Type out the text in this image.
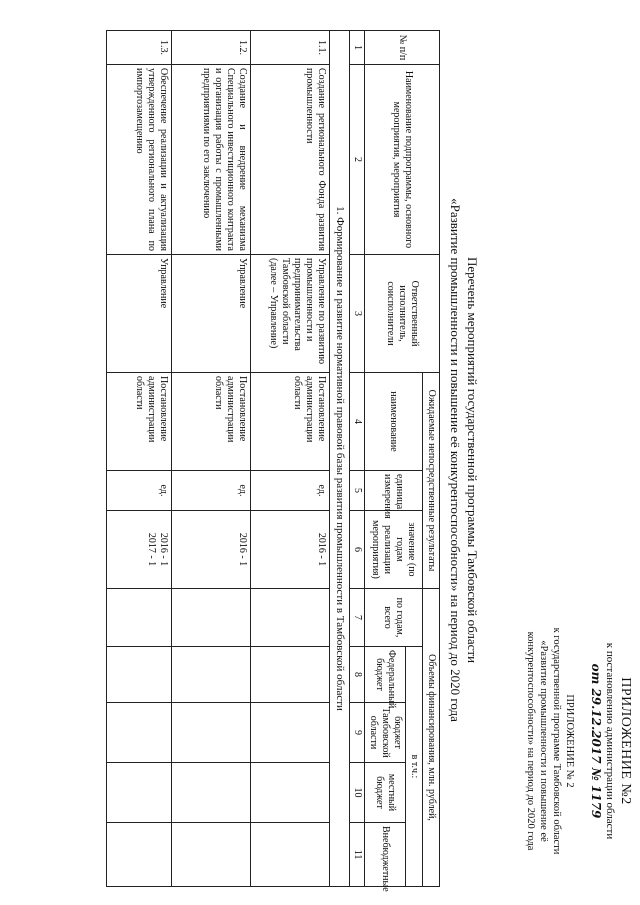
ПРИЛОЖЕНИЕ №2
к постановлению администрации области
от 29.12.2017 № 1179
ПРИЛОЖЕНИЕ № 2
к государственной программе Тамбовской области
«Развитие промышленности и повышение её
конкурентоспособности» на период до 2020 года
Перечень мероприятий государственной программы Тамбовской области
«Развитие промышленности и повышение её конкурентоспособности» на период до 2020 года
№ п/п	Наименование подпрограммы, основного мероприятия, мероприятия	Ответственный исполнитель, соисполнители	Ожидаемые непосредственные результаты			Объемы финансирования, млн. рублей,				
			наименование	единица измерения	значение (по годам реализации мероприятия)	по годам, всего	в т.ч.:			
							Федеральный бюджет	бюджет Тамбовской области	местный бюджет	Внебюджетные
1	2	3	4	5	6	7	8	9	10	11
1. Формирование и развитие нормативной правовой базы развития промышленности в Тамбовской области										
1.1.	Создание регионального Фонда развития промышленности	Управление по развитию промышленности и предпринимательства Тамбовской области (далее – Управление)	Постановление администрации области	ед.	2016 - 1					
1.2.	Создание и внедрение механизма Специального инвестиционного контракта и организация работы с промышленными предприятиями по его заключению	Управление	Постановление администрации области	ед.	2016 - 1					
1.3.	Обеспечение реализации и актуализация утвержденного регионального плана по импортозамещению	Управление	Постановление администрации области	ед.	2016 - 1
2017 - 1					
